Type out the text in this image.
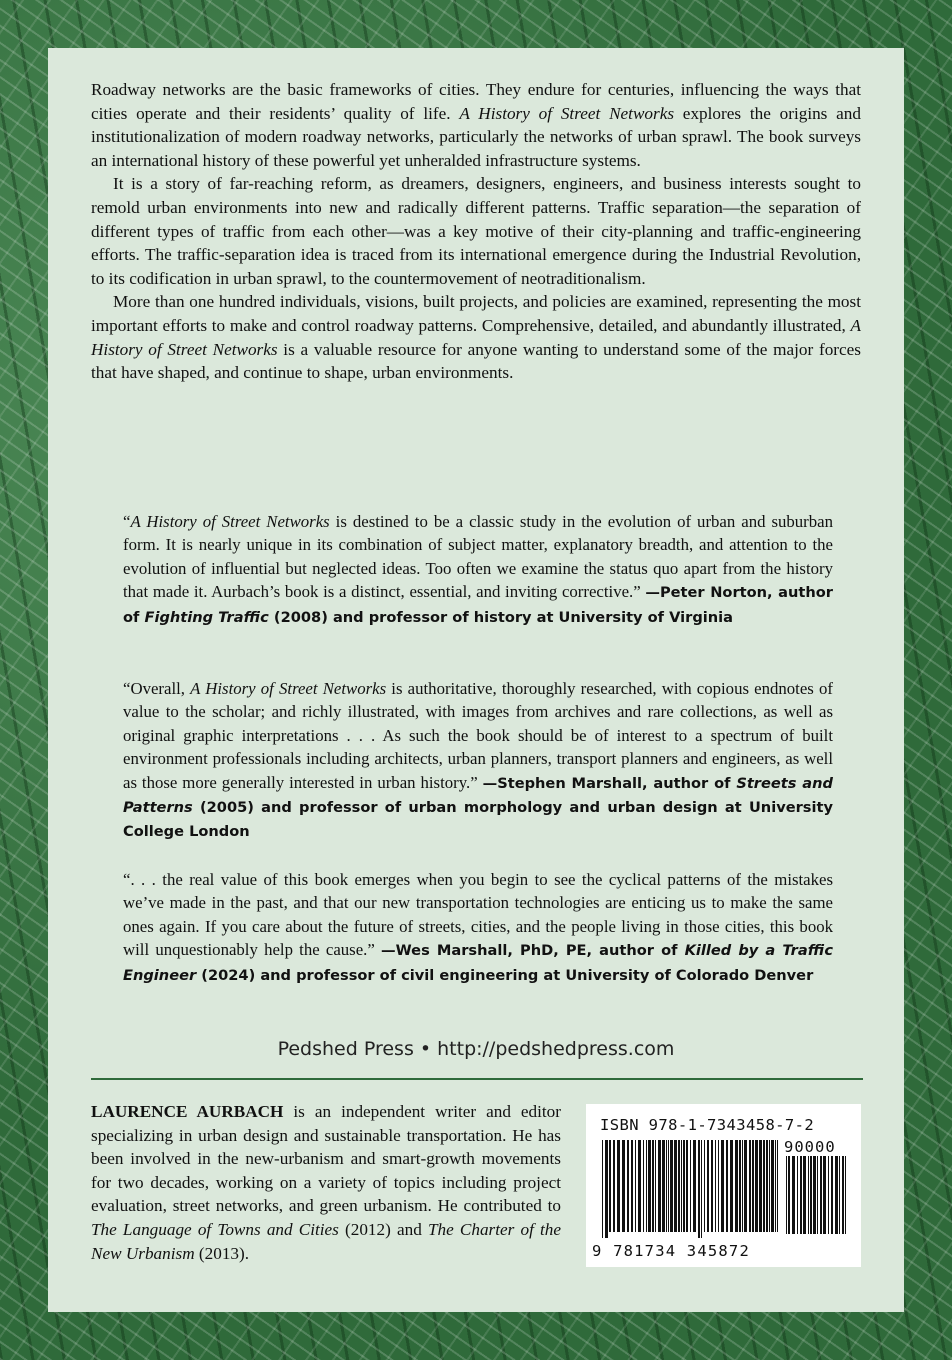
Roadway networks are the basic frameworks of cities. They endure for centuries, influencing the ways that cities operate and their residents’ quality of life. A History of Street Networks explores the origins and institutionalization of modern roadway networks, particularly the networks of urban sprawl. The book surveys an international history of these powerful yet unheralded infrastructure systems.

It is a story of far-reaching reform, as dreamers, designers, engineers, and business interests sought to remold urban environments into new and radically different patterns. Traffic separation—the separation of different types of traffic from each other—was a key motive of their city-planning and traffic-engineering efforts. The traffic-separation idea is traced from its international emergence during the Industrial Revolution, to its codification in urban sprawl, to the countermovement of neotraditionalism.

More than one hundred individuals, visions, built projects, and policies are examined, representing the most important efforts to make and control roadway patterns. Comprehensive, detailed, and abundantly illustrated, A History of Street Networks is a valuable resource for anyone wanting to understand some of the major forces that have shaped, and continue to shape, urban environments.

“A History of Street Networks is destined to be a classic study in the evolution of urban and suburban form. It is nearly unique in its combination of subject matter, explanatory breadth, and attention to the evolution of influential but neglected ideas. Too often we examine the status quo apart from the history that made it. Aurbach’s book is a distinct, essential, and inviting corrective.” —Peter Norton, author of Fighting Traffic (2008) and professor of history at University of Virginia

“Overall, A History of Street Networks is authoritative, thoroughly researched, with copious endnotes of value to the scholar; and richly illustrated, with images from archives and rare collections, as well as original graphic interpretations . . . As such the book should be of interest to a spectrum of built environment professionals including architects, urban planners, transport planners and engineers, as well as those more generally interested in urban history.” —Stephen Marshall, author of Streets and Patterns (2005) and professor of urban morphology and urban design at University College London

“. . . the real value of this book emerges when you begin to see the cyclical patterns of the mistakes we’ve made in the past, and that our new transportation technologies are enticing us to make the same ones again. If you care about the future of streets, cities, and the people living in those cities, this book will unquestionably help the cause.” —Wes Marshall, PhD, PE, author of Killed by a Traffic Engineer (2024) and professor of civil engineering at University of Colorado Denver

Pedshed Press • http://pedshedpress.com

LAURENCE AURBACH is an independent writer and editor specializing in urban design and sustainable transportation. He has been involved in the new-urbanism and smart-growth movements for two decades, working on a variety of topics including project evaluation, street networks, and green urbanism. He contributed to The Language of Towns and Cities (2012) and The Charter of the New Urbanism (2013).

ISBN 978-1-7343458-7-2
90000
9 781734 345872
